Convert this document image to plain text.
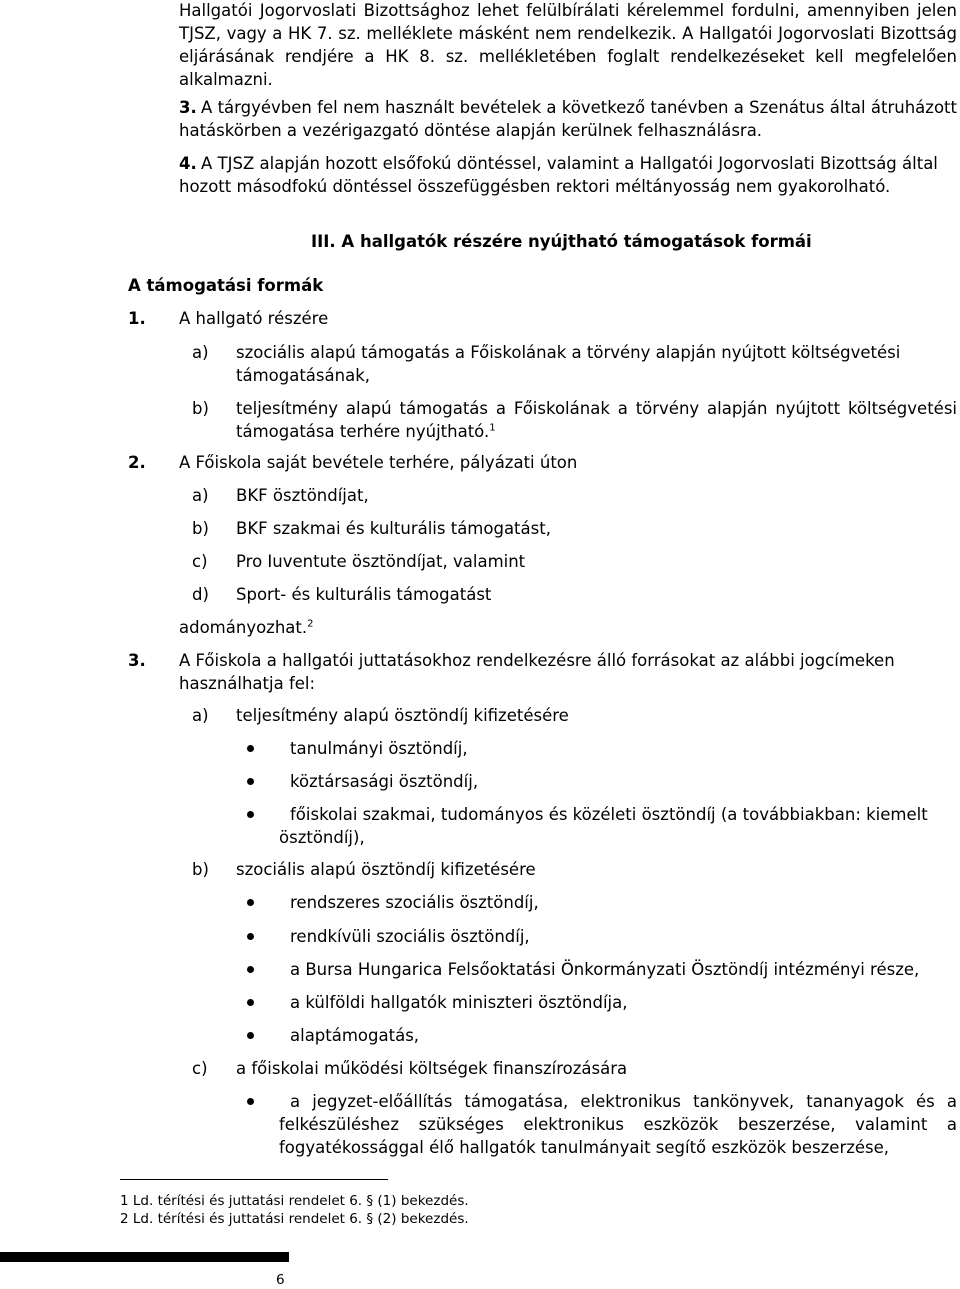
Hallgatói Jogorvoslati Bizottsághoz lehet felülbírálati kérelemmel fordulni, amennyiben jelen TJSZ, vagy a HK 7. sz. melléklete másként nem rendelkezik. A Hallgatói Jogorvoslati Bizottság eljárásának rendjére a HK 8. sz. mellékletében foglalt rendelkezéseket kell megfelelően alkalmazni.

3. A tárgyévben fel nem használt bevételek a következő tanévben a Szenátus által átruházott hatáskörben a vezérigazgató döntése alapján kerülnek felhasználásra.

4. A TJSZ alapján hozott elsőfokú döntéssel, valamint a Hallgatói Jogorvoslati Bizottság által hozott másodfokú döntéssel összefüggésben rektori méltányosság nem gyakorolható.

III. A hallgatók részére nyújtható támogatások formái
A támogatási formák
1. A hallgató részére
a) szociális alapú támogatás a Főiskolának a törvény alapján nyújtott költségvetési támogatásának,

b) teljesítmény alapú támogatás a Főiskolának a törvény alapján nyújtott költségvetési támogatása terhére nyújtható.$^1$

2. A Főiskola saját bevétele terhére, pályázati úton
a) BKF ösztöndíjat,
b) BKF szakmai és kulturális támogatást,
c) Pro Iuventute ösztöndíjat, valamint
d) Sport- és kulturális támogatást
adományozhat.$^2$
3. A Főiskola a hallgatói juttatásokhoz rendelkezésre álló forrásokat az alábbi jogcímeken használhatja fel:

a) teljesítmény alapú ösztöndíj kifizetésére
tanulmányi ösztöndíj,
köztársasági ösztöndíj,

főiskolai szakmai, tudományos és közéleti ösztöndíj (a továbbiakban: kiemelt ösztöndíj),

b) szociális alapú ösztöndíj kifizetésére
rendszeres szociális ösztöndíj,
rendkívüli szociális ösztöndíj,
a Bursa Hungarica Felsőoktatási Önkormányzati Ösztöndíj intézményi része,
a külföldi hallgatók miniszteri ösztöndíja,
alaptámogatás,
c) a főiskolai működési költségek finanszírozására

a jegyzet-előállítás támogatása, elektronikus tankönyvek, tananyagok és a felkészüléshez szükséges elektronikus eszközök beszerzése, valamint a fogyatékossággal élő hallgatók tanulmányait segítő eszközök beszerzése,

1 Ld. térítési és juttatási rendelet 6. § (1) bekezdés.

2 Ld. térítési és juttatási rendelet 6. § (2) bekezdés.

6
